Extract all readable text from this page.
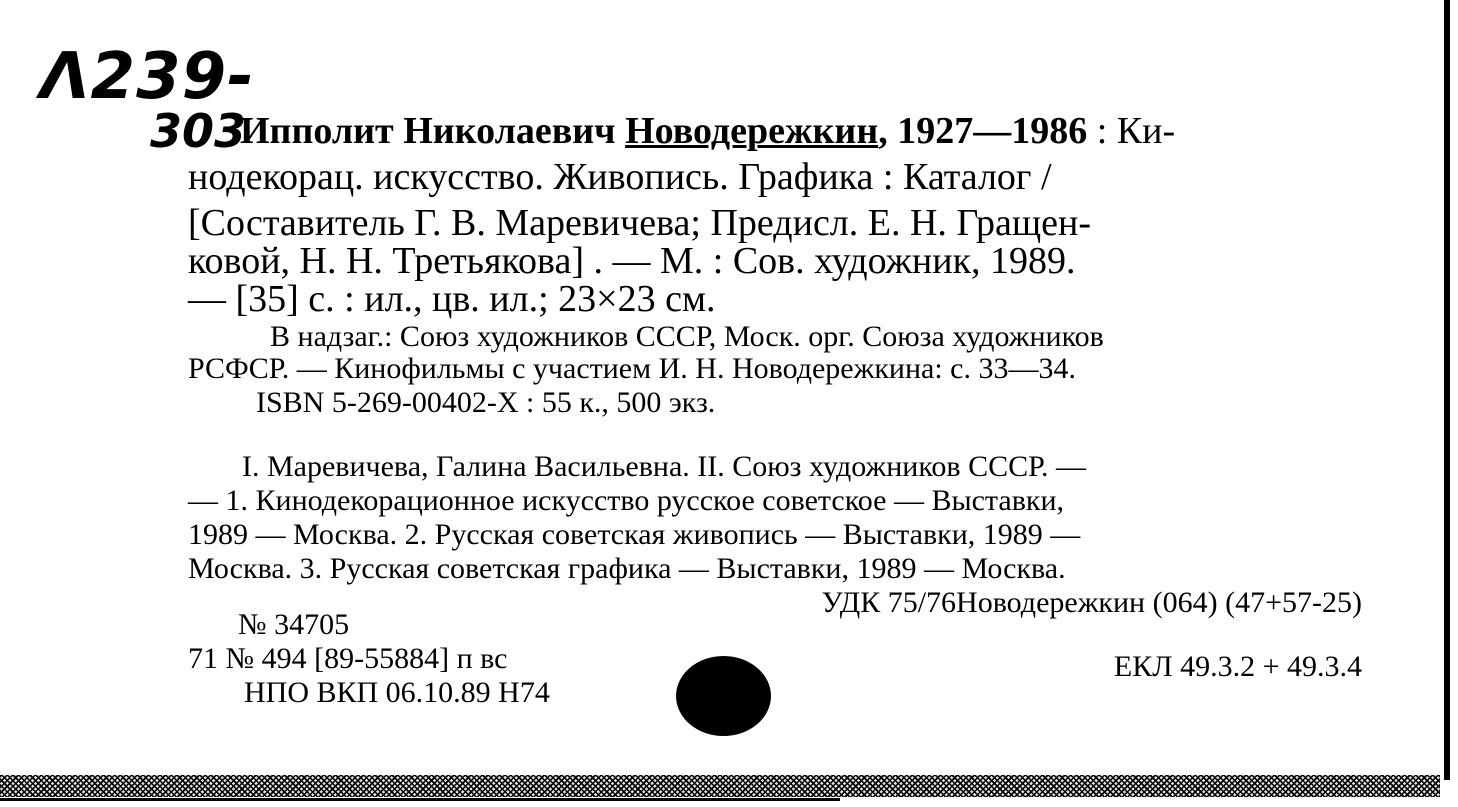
Λ239-
303
Ипполит Николаевич Новодережкин, 1927—1986 : Ки-
нодекорац. искусство. Живопись. Графика : Каталог /
[Составитель Г. В. Маревичева; Предисл. Е. Н. Гращен-
ковой, Н. Н. Третьякова] . — М. : Сов. художник, 1989.
— [35] с. : ил., цв. ил.; 23×23 см.
В надзаг.: Союз художников СССР, Моск. орг. Союза художников
РСФСР. — Кинофильмы с участием И. Н. Новодережкина: с. 33—34.
ISBN 5-269-00402-X : 55 к., 500 экз.
I. Маревичева, Галина Васильевна. II. Союз художников СССР. —
— 1. Кинодекорационное искусство русское советское — Выставки,
1989 — Москва. 2. Русская советская живопись — Выставки, 1989 —
Москва. 3. Русская советская графика — Выставки, 1989 — Москва.
УДК 75/76Новодережкин (064) (47+57-25)
ЕКЛ 49.3.2 + 49.3.4
№ 34705
71 № 494 [89-55884] п вс
НПО ВКП 06.10.89 Н74
